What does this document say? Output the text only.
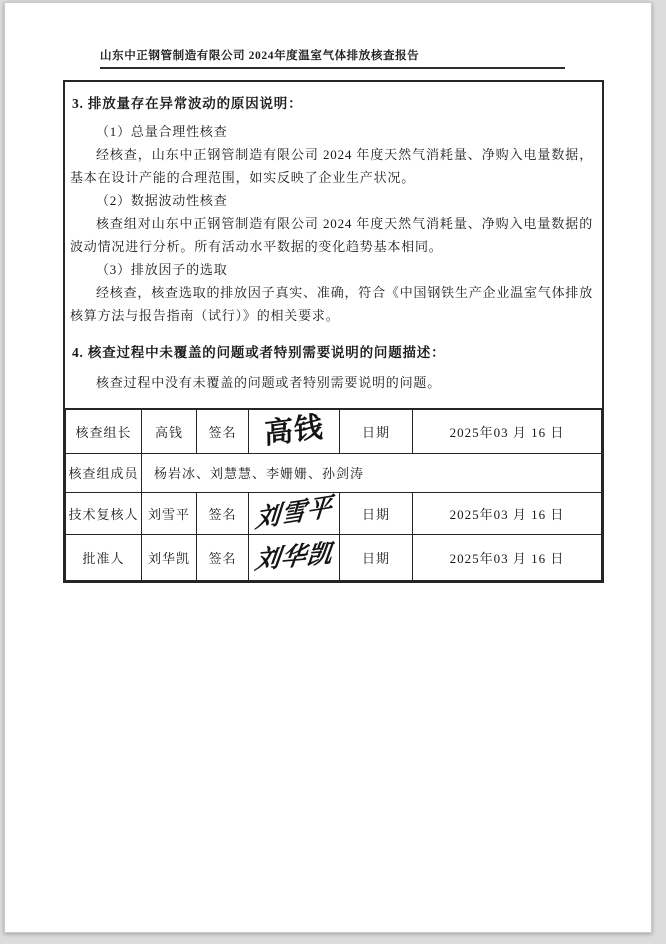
山东中正钢管制造有限公司 2024年度温室气体排放核查报告
3. 排放量存在异常波动的原因说明：

（1）总量合理性核查

经核查，山东中正钢管制造有限公司 2024 年度天然气消耗量、净购入电量数据，基本在设计产能的合理范围，如实反映了企业生产状况。

（2）数据波动性核查

核查组对山东中正钢管制造有限公司 2024 年度天然气消耗量、净购入电量数据的波动情况进行分析。所有活动水平数据的变化趋势基本相同。

（3）排放因子的选取

经核查，核查选取的排放因子真实、准确，符合《中国钢铁生产企业温室气体排放核算方法与报告指南（试行）》的相关要求。

4. 核查过程中未覆盖的问题或者特别需要说明的问题描述：

核查过程中没有未覆盖的问题或者特别需要说明的问题。

核查组长	高钱	签名	高钱	日期	2025年03 月 16 日
核查组成员	杨岩冰、刘慧慧、李姗姗、孙剑涛				
技术复核人	刘雪平	签名	刘雪平	日期	2025年03 月 16 日
批准人	刘华凯	签名	刘华凯	日期	2025年03 月 16 日
